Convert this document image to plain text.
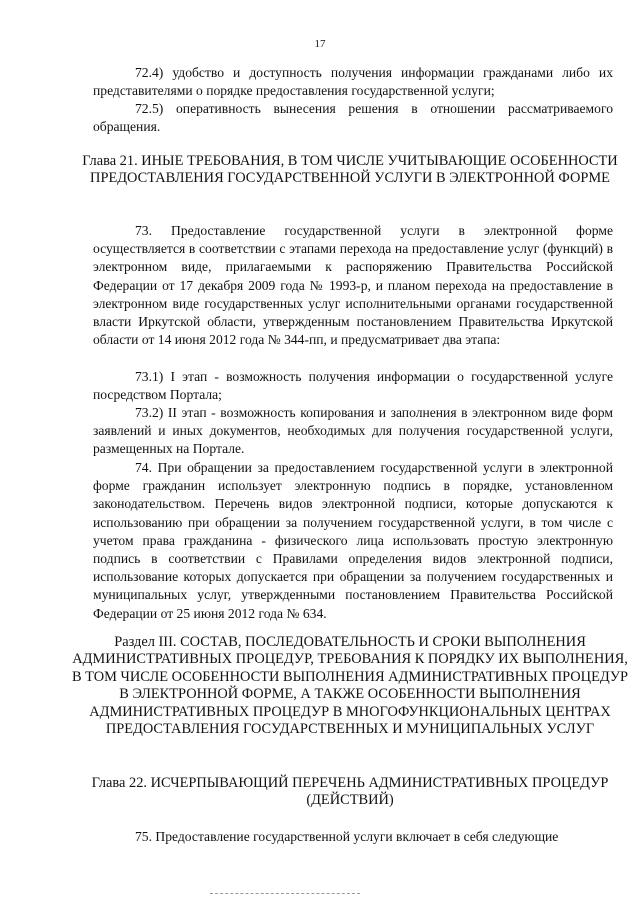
17

72.4) удобство и доступность получения информации гражданами либо их представителями о порядке предоставления государственной услуги;

72.5) оперативность вынесения решения в отношении рассматриваемого обращения.

Глава 21. ИНЫЕ ТРЕБОВАНИЯ, В ТОМ ЧИСЛЕ УЧИТЫВАЮЩИЕ ОСОБЕННОСТИ ПРЕДОСТАВЛЕНИЯ ГОСУДАРСТВЕННОЙ УСЛУГИ В ЭЛЕКТРОННОЙ ФОРМЕ

73. Предоставление государственной услуги в электронной форме осуществляется в соответствии с этапами перехода на предоставление услуг (функций) в электронном виде, прилагаемыми к распоряжению Правительства Российской Федерации от 17 декабря 2009 года № 1993-р, и планом перехода на предоставление в электронном виде государственных услуг исполнительными органами государственной власти Иркутской области, утвержденным постановлением Правительства Иркутской области от 14 июня 2012 года № 344-пп, и предусматривает два этапа:

73.1) I этап - возможность получения информации о государственной услуге посредством Портала;

73.2) II этап - возможность копирования и заполнения в электронном виде форм заявлений и иных документов, необходимых для получения государственной услуги, размещенных на Портале.

74. При обращении за предоставлением государственной услуги в электронной форме гражданин использует электронную подпись в порядке, установленном законодательством. Перечень видов электронной подписи, которые допускаются к использованию при обращении за получением государственной услуги, в том числе с учетом права гражданина - физического лица использовать простую электронную подпись в соответствии с Правилами определения видов электронной подписи, использование которых допускается при обращении за получением государственных и муниципальных услуг, утвержденными постановлением Правительства Российской Федерации от 25 июня 2012 года № 634.

Раздел III. СОСТАВ, ПОСЛЕДОВАТЕЛЬНОСТЬ И СРОКИ ВЫПОЛНЕНИЯ АДМИНИСТРАТИВНЫХ ПРОЦЕДУР, ТРЕБОВАНИЯ К ПОРЯДКУ ИХ ВЫПОЛНЕНИЯ, В ТОМ ЧИСЛЕ ОСОБЕННОСТИ ВЫПОЛНЕНИЯ АДМИНИСТРАТИВНЫХ ПРОЦЕДУР В ЭЛЕКТРОННОЙ ФОРМЕ, А ТАКЖЕ ОСОБЕННОСТИ ВЫПОЛНЕНИЯ АДМИНИСТРАТИВНЫХ ПРОЦЕДУР В МНОГОФУНКЦИОНАЛЬНЫХ ЦЕНТРАХ ПРЕДОСТАВЛЕНИЯ ГОСУДАРСТВЕННЫХ И МУНИЦИПАЛЬНЫХ УСЛУГ

Глава 22. ИСЧЕРПЫВАЮЩИЙ ПЕРЕЧЕНЬ АДМИНИСТРАТИВНЫХ ПРОЦЕДУР (ДЕЙСТВИЙ)

75. Предоставление государственной услуги включает в себя следующие
